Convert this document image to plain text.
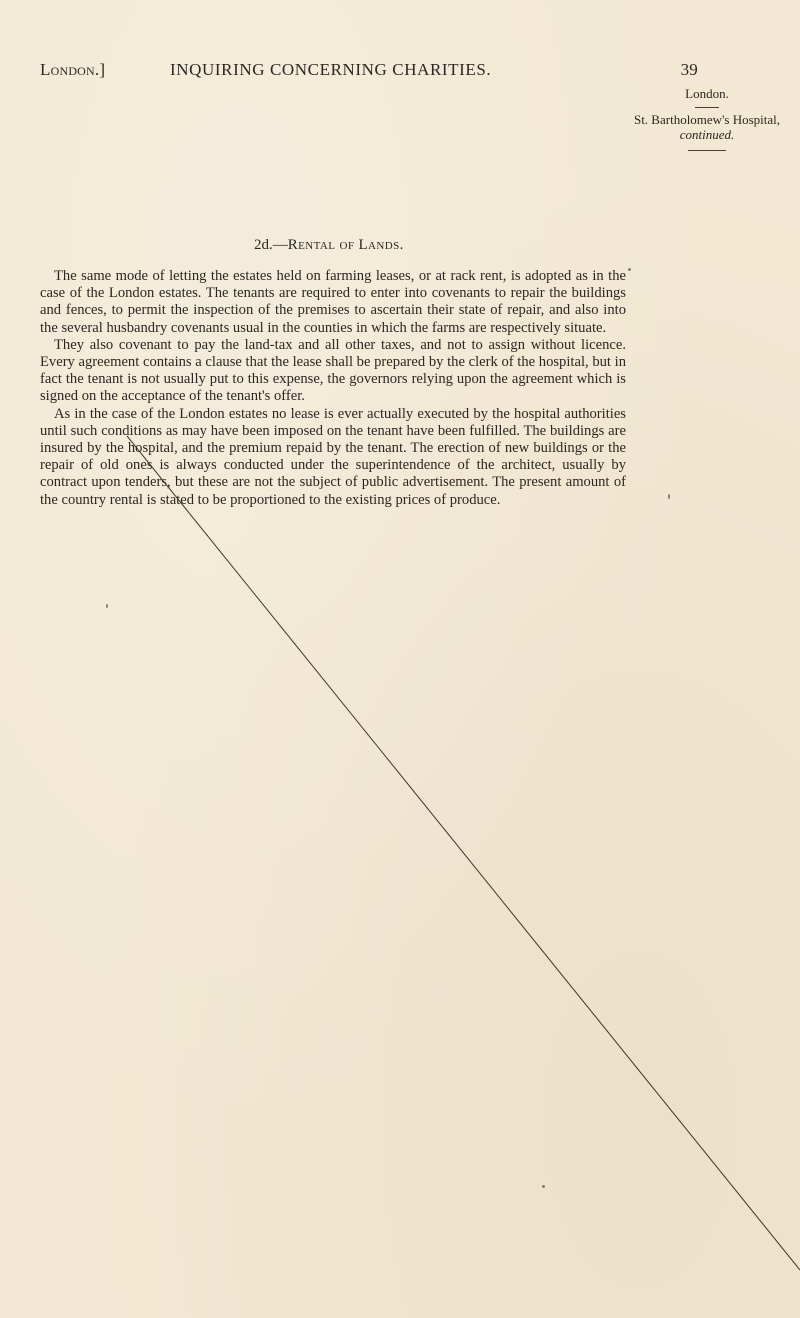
London.]	INQUIRING CONCERNING CHARITIES.	39
London.
St. Bartholomew's Hospital,
continued.
2d.—Rental of Lands.

The same mode of letting the estates held on farming leases, or at rack rent, is adopted as in the case of the London estates. The tenants are required to enter into covenants to repair the buildings and fences, to permit the inspection of the premises to ascertain their state of repair, and also into the several husbandry covenants usual in the counties in which the farms are respectively situate.

They also covenant to pay the land-tax and all other taxes, and not to assign without licence. Every agreement contains a clause that the lease shall be prepared by the clerk of the hospital, but in fact the tenant is not usually put to this expense, the governors relying upon the agreement which is signed on the acceptance of the tenant's offer.

As in the case of the London estates no lease is ever actually executed by the hospital authorities until such conditions as may have been imposed on the tenant have been fulfilled. The buildings are insured by the hospital, and the premium repaid by the tenant. The erection of new buildings or the repair of old ones is always conducted under the superintendence of the architect, usually by contract upon tenders, but these are not the subject of public advertisement. The present amount of the country rental is stated to be proportioned to the existing prices of produce.
